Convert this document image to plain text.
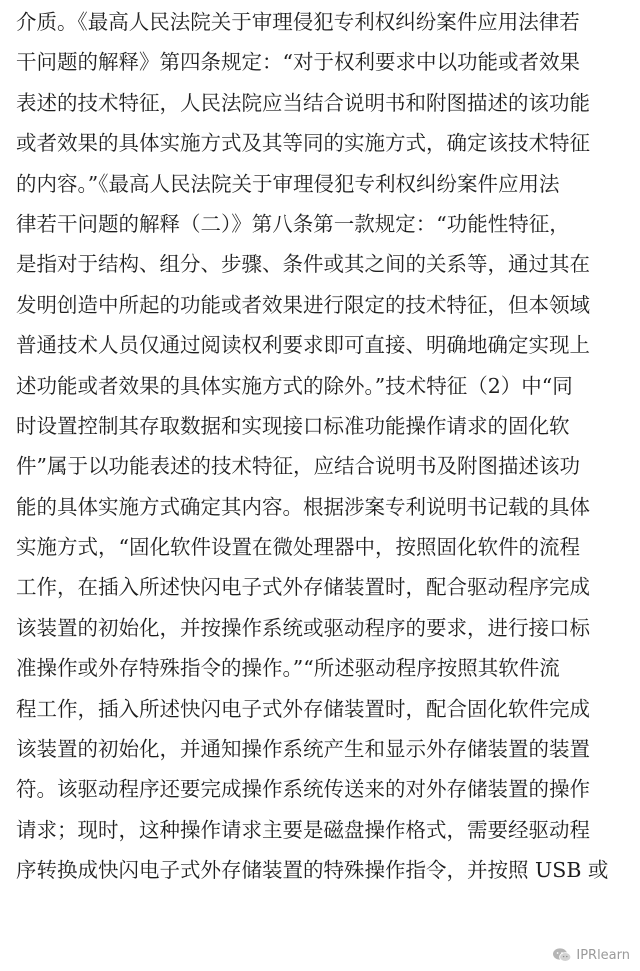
介质。《最高人民法院关于审理侵犯专利权纠纷案件应用法律若
干问题的解释》第四条规定：“对于权利要求中以功能或者效果
表述的技术特征，人民法院应当结合说明书和附图描述的该功能
或者效果的具体实施方式及其等同的实施方式，确定该技术特征
的内容。”《最高人民法院关于审理侵犯专利权纠纷案件应用法
律若干问题的解释（二）》第八条第一款规定：“功能性特征，
是指对于结构、组分、步骤、条件或其之间的关系等，通过其在
发明创造中所起的功能或者效果进行限定的技术特征，但本领域
普通技术人员仅通过阅读权利要求即可直接、明确地确定实现上
述功能或者效果的具体实施方式的除外。”技术特征（2）中“同
时设置控制其存取数据和实现接口标准功能操作请求的固化软
件”属于以功能表述的技术特征，应结合说明书及附图描述该功
能的具体实施方式确定其内容。根据涉案专利说明书记载的具体
实施方式，“固化软件设置在微处理器中，按照固化软件的流程
工作，在插入所述快闪电子式外存储装置时，配合驱动程序完成
该装置的初始化，并按操作系统或驱动程序的要求，进行接口标
准操作或外存特殊指令的操作。”“所述驱动程序按照其软件流
程工作，插入所述快闪电子式外存储装置时，配合固化软件完成
该装置的初始化，并通知操作系统产生和显示外存储装置的装置
符。该驱动程序还要完成操作系统传送来的对外存储装置的操作
请求；现时，这种操作请求主要是磁盘操作格式，需要经驱动程
序转换成快闪电子式外存储装置的特殊操作指令，并按照 USB 或
IPRlearn
